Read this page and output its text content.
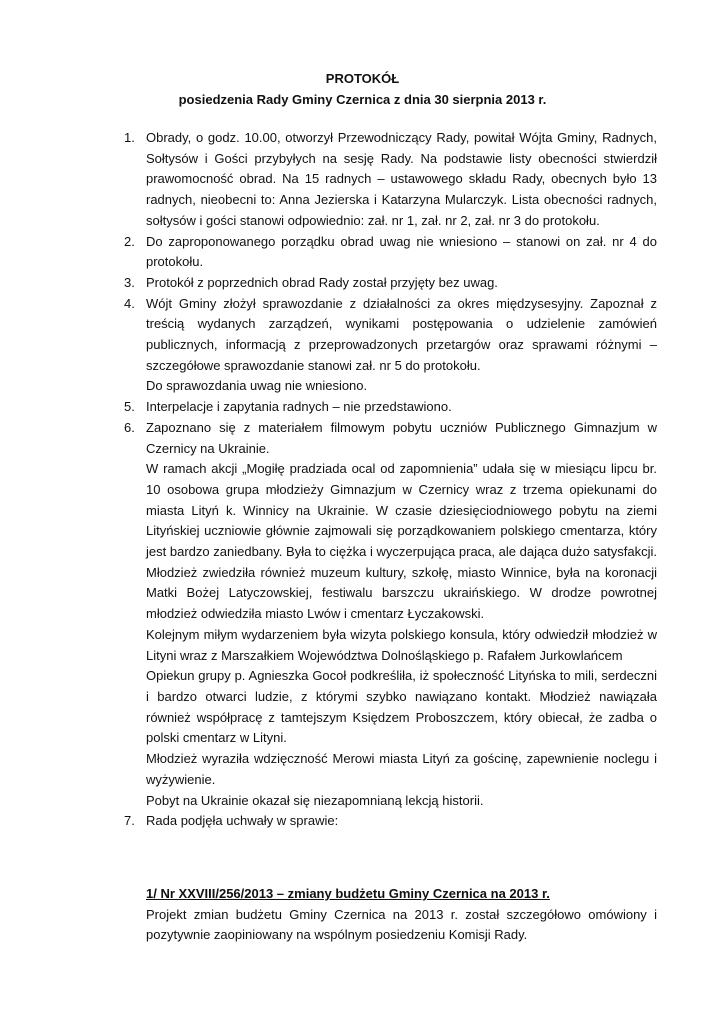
PROTOKÓŁ
posiedzenia Rady Gminy Czernica z dnia 30 sierpnia 2013 r.
1. Obrady, o godz. 10.00, otworzył Przewodniczący Rady, powitał Wójta Gminy, Radnych, Sołtysów i Gości przybyłych na sesję Rady. Na podstawie listy obecności stwierdził prawomocność obrad. Na 15 radnych – ustawowego składu Rady, obecnych było 13 radnych, nieobecni to: Anna Jezierska i Katarzyna Mularczyk. Lista obecności radnych, sołtysów i gości stanowi odpowiednio: zał. nr 1, zał. nr 2, zał. nr 3 do protokołu.

2. Do zaproponowanego porządku obrad uwag nie wniesiono – stanowi on zał. nr 4 do protokołu.

3. Protokół z poprzednich obrad Rady został przyjęty bez uwag.

4. Wójt Gminy złożył sprawozdanie z działalności za okres międzysesyjny. Zapoznał z treścią wydanych zarządzeń, wynikami postępowania o udzielenie zamówień publicznych, informacją z przeprowadzonych przetargów oraz sprawami różnymi – szczegółowe sprawozdanie stanowi zał. nr 5 do protokołu.

Do sprawozdania uwag nie wniesiono.

5. Interpelacje i zapytania radnych – nie przedstawiono.

6. Zapoznano się z materiałem filmowym pobytu uczniów Publicznego Gimnazjum w Czernicy na Ukrainie.

W ramach akcji „Mogiłę pradziada ocal od zapomnienia” udała się w miesiącu lipcu br. 10 osobowa grupa młodzieży Gimnazjum w Czernicy wraz z trzema opiekunami do miasta Lityń k. Winnicy na Ukrainie. W czasie dziesięciodniowego pobytu na ziemi Lityńskiej uczniowie głównie zajmowali się porządkowaniem polskiego cmentarza, który jest bardzo zaniedbany. Była to ciężka i wyczerpująca praca, ale dająca dużo satysfakcji. Młodzież zwiedziła również muzeum kultury, szkołę, miasto Winnice, była na koronacji Matki Bożej Latyczowskiej, festiwalu barszczu ukraińskiego. W drodze powrotnej młodzież odwiedziła miasto Lwów i cmentarz Łyczakowski.

Kolejnym miłym wydarzeniem była wizyta polskiego konsula, który odwiedził młodzież w Lityni wraz z Marszałkiem Województwa Dolnośląskiego p. Rafałem Jurkowlańcem

Opiekun grupy p. Agnieszka Gocoł podkreśliła, iż społeczność Lityńska to mili, serdeczni i bardzo otwarci ludzie, z którymi szybko nawiązano kontakt. Młodzież nawiązała również współpracę z tamtejszym Księdzem Proboszczem, który obiecał, że zadba o polski cmentarz w Lityni.

Młodzież wyraziła wdzięczność Merowi miasta Lityń za gościnę, zapewnienie noclegu i wyżywienie.

Pobyt na Ukrainie okazał się niezapomnianą lekcją historii.

7. Rada podjęła uchwały w sprawie:

1/ Nr XXVIII/256/2013 – zmiany budżetu Gminy Czernica na 2013 r.

Projekt zmian budżetu Gminy Czernica na 2013 r. został szczegółowo omówiony i pozytywnie zaopiniowany na wspólnym posiedzeniu Komisji Rady.
